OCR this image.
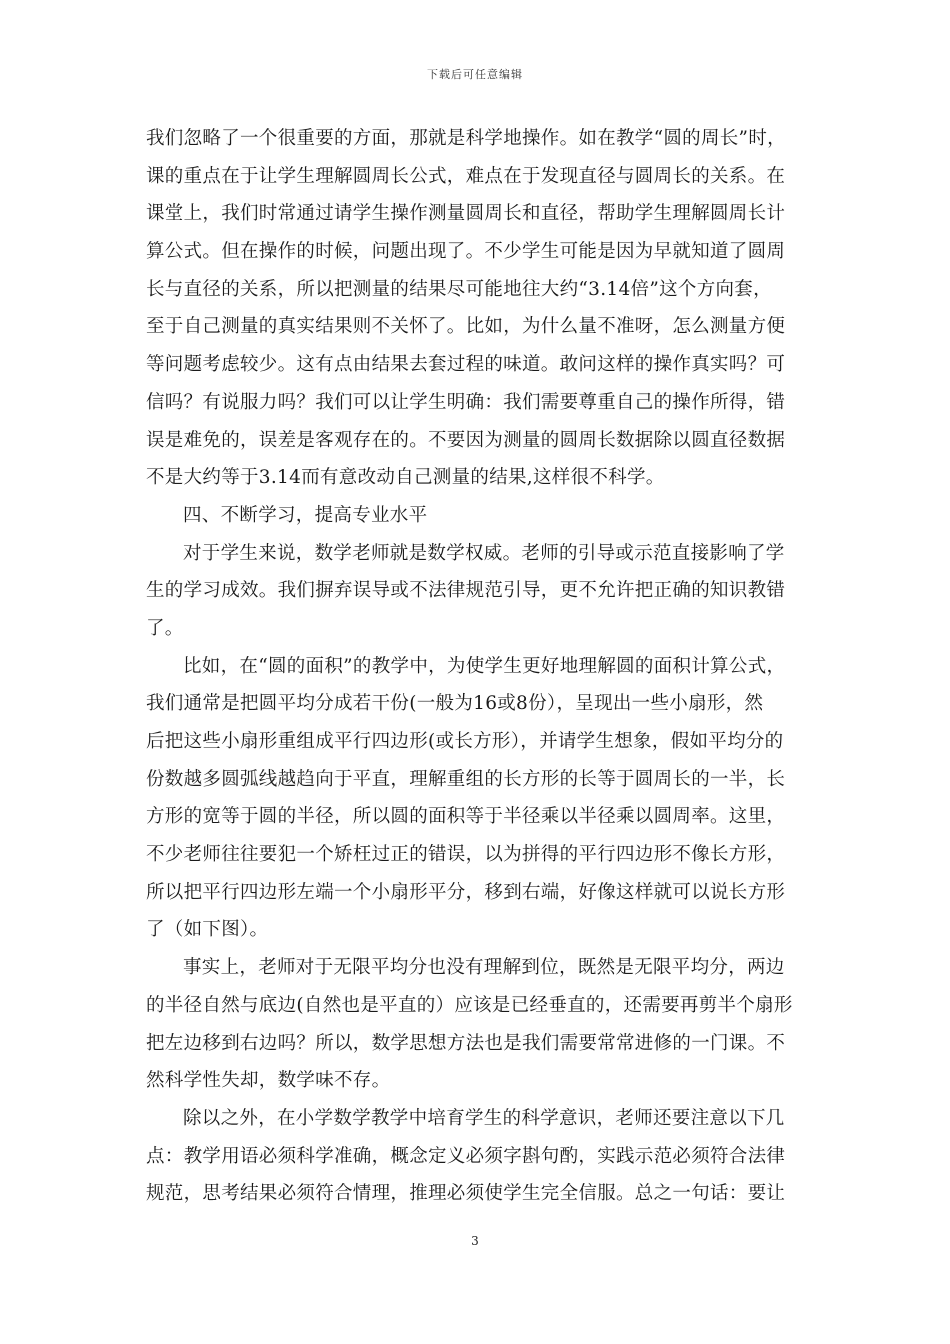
下载后可任意编辑
我们忽略了一个很重要的方面，那就是科学地操作。如在教学“圆的周长”时，
课的重点在于让学生理解圆周长公式，难点在于发现直径与圆周长的关系。在
课堂上，我们时常通过请学生操作测量圆周长和直径，帮助学生理解圆周长计
算公式。但在操作的时候，问题出现了。不少学生可能是因为早就知道了圆周
长与直径的关系，所以把测量的结果尽可能地往大约“3.14倍”这个方向套，
至于自己测量的真实结果则不关怀了。比如，为什么量不准呀，怎么测量方便
等问题考虑较少。这有点由结果去套过程的味道。敢问这样的操作真实吗？可
信吗？有说服力吗？我们可以让学生明确：我们需要尊重自己的操作所得，错
误是难免的，误差是客观存在的。不要因为测量的圆周长数据除以圆直径数据
不是大约等于3.14而有意改动自己测量的结果,这样很不科学。
四、不断学习，提高专业水平
对于学生来说，数学老师就是数学权威。老师的引导或示范直接影响了学
生的学习成效。我们摒弃误导或不法律规范引导，更不允许把正确的知识教错
了。
比如，在“圆的面积”的教学中，为使学生更好地理解圆的面积计算公式，
我们通常是把圆平均分成若干份(一般为16或8份），呈现出一些小扇形，然
后把这些小扇形重组成平行四边形(或长方形），并请学生想象，假如平均分的
份数越多圆弧线越趋向于平直，理解重组的长方形的长等于圆周长的一半，长
方形的宽等于圆的半径，所以圆的面积等于半径乘以半径乘以圆周率。这里，
不少老师往往要犯一个矫枉过正的错误，以为拼得的平行四边形不像长方形，
所以把平行四边形左端一个小扇形平分，移到右端，好像这样就可以说长方形
了（如下图）。
事实上，老师对于无限平均分也没有理解到位，既然是无限平均分，两边
的半径自然与底边(自然也是平直的）应该是已经垂直的，还需要再剪半个扇形
把左边移到右边吗？所以，数学思想方法也是我们需要常常进修的一门课。不
然科学性失却，数学味不存。
除以之外，在小学数学教学中培育学生的科学意识，老师还要注意以下几
点：教学用语必须科学准确，概念定义必须字斟句酌，实践示范必须符合法律
规范，思考结果必须符合情理，推理必须使学生完全信服。总之一句话：要让
3
